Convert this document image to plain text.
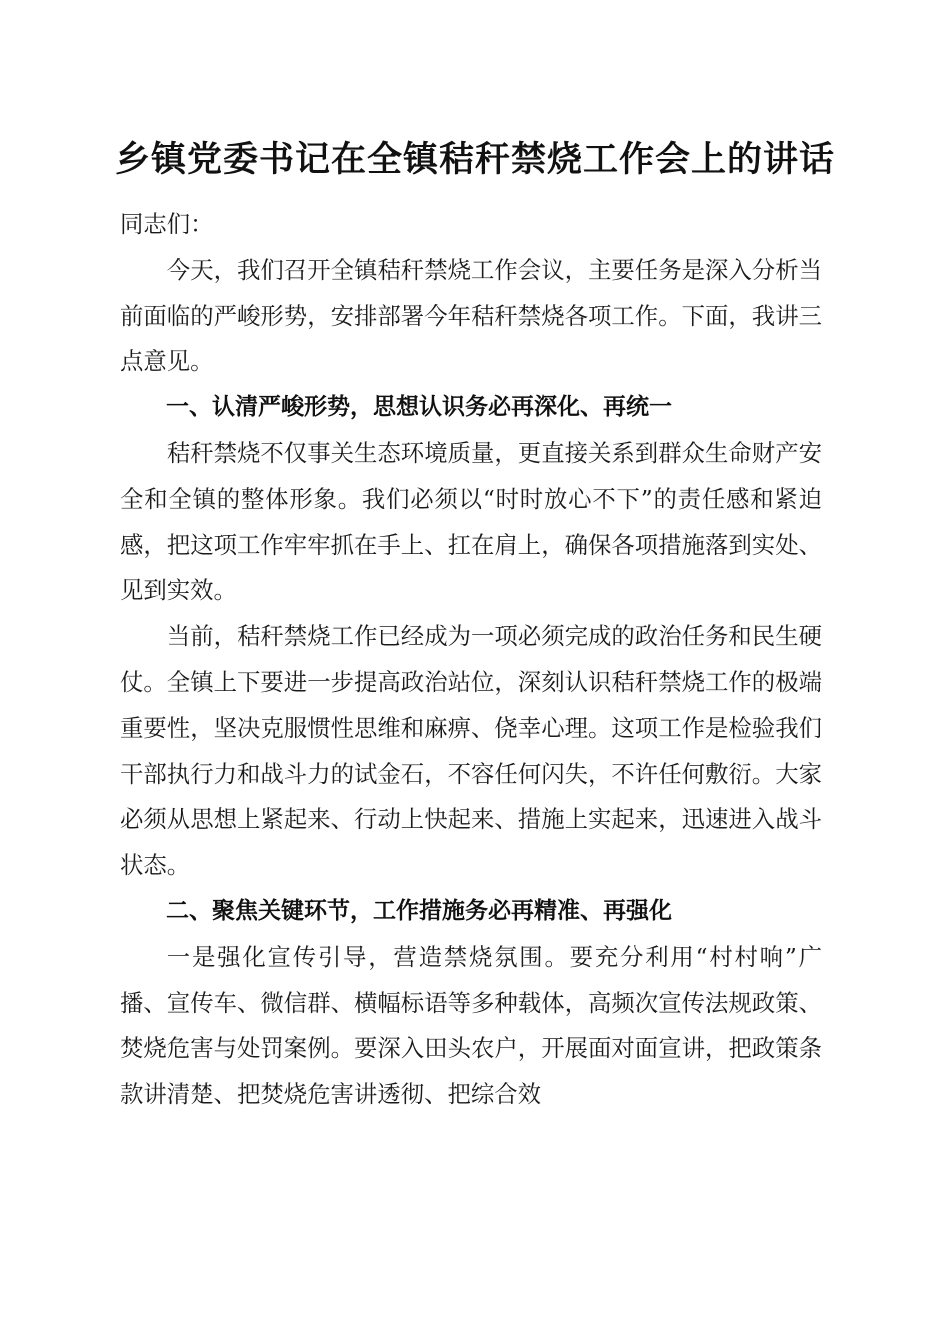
乡镇党委书记在全镇秸秆禁烧工作会上的讲话

同志们：

今天，我们召开全镇秸秆禁烧工作会议，主要任务是深入分析当前面临的严峻形势，安排部署今年秸秆禁烧各项工作。下面，我讲三点意见。

一、认清严峻形势，思想认识务必再深化、再统一

秸秆禁烧不仅事关生态环境质量，更直接关系到群众生命财产安全和全镇的整体形象。我们必须以“时时放心不下”的责任感和紧迫感，把这项工作牢牢抓在手上、扛在肩上，确保各项措施落到实处、见到实效。

当前，秸秆禁烧工作已经成为一项必须完成的政治任务和民生硬仗。全镇上下要进一步提高政治站位，深刻认识秸秆禁烧工作的极端重要性，坚决克服惯性思维和麻痹、侥幸心理。这项工作是检验我们干部执行力和战斗力的试金石，不容任何闪失，不许任何敷衍。大家必须从思想上紧起来、行动上快起来、措施上实起来，迅速进入战斗状态。

二、聚焦关键环节，工作措施务必再精准、再强化

一是强化宣传引导，营造禁烧氛围。要充分利用“村村响”广播、宣传车、微信群、横幅标语等多种载体，高频次宣传法规政策、焚烧危害与处罚案例。要深入田头农户，开展面对面宣讲，把政策条款讲清楚、把焚烧危害讲透彻、把综合效
